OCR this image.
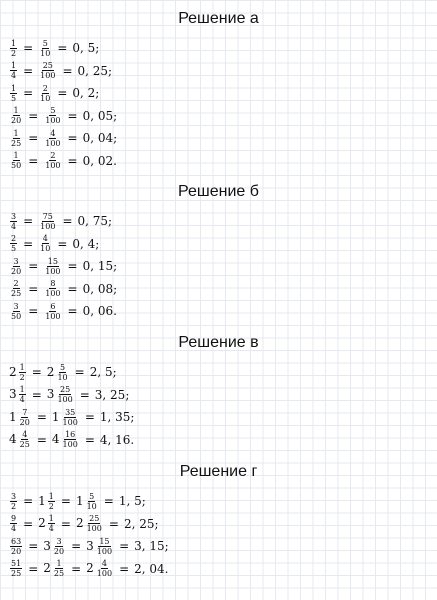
Решение а
$\frac{1}{2} = \frac{5}{10} = 0$, 5;
$\frac{1}{4} = \frac{25}{100} = 0$, 25;
$\frac{1}{5} = \frac{2}{10} = 0$, 2;
$\frac{1}{20} = \frac{5}{100} = 0$, 05;
$\frac{1}{25} = \frac{4}{100} = 0$, 04;
$\frac{1}{50} = \frac{2}{100} = 0$, 02.
Решение б
$\frac{3}{4} = \frac{75}{100} = 0$, 75;
$\frac{2}{5} = \frac{4}{10} = 0$, 4;
$\frac{3}{20} = \frac{15}{100} = 0$, 15;
$\frac{2}{25} = \frac{8}{100} = 0$, 08;
$\frac{3}{50} = \frac{6}{100} = 0$, 06.
Решение в
$2 \frac{1}{2} = 2 \frac{5}{10} = 2$, 5;
$3 \frac{1}{4} = 3 \frac{25}{100} = 3$, 25;
$1 \frac{7}{20} = 1 \frac{35}{100} = 1$, 35;
$4 \frac{4}{25} = 4 \frac{16}{100} = 4$, 16.
Решение г
$\frac{3}{2} = 1 \frac{1}{2} = 1 \frac{5}{10} = 1$, 5;
$\frac{9}{4} = 2 \frac{1}{4} = 2 \frac{25}{100} = 2$, 25;
$\frac{63}{20} = 3 \frac{3}{20} = 3 \frac{15}{100} = 3$, 15;
$\frac{51}{25} = 2 \frac{1}{25} = 2 \frac{4}{100} = 2$, 04.
